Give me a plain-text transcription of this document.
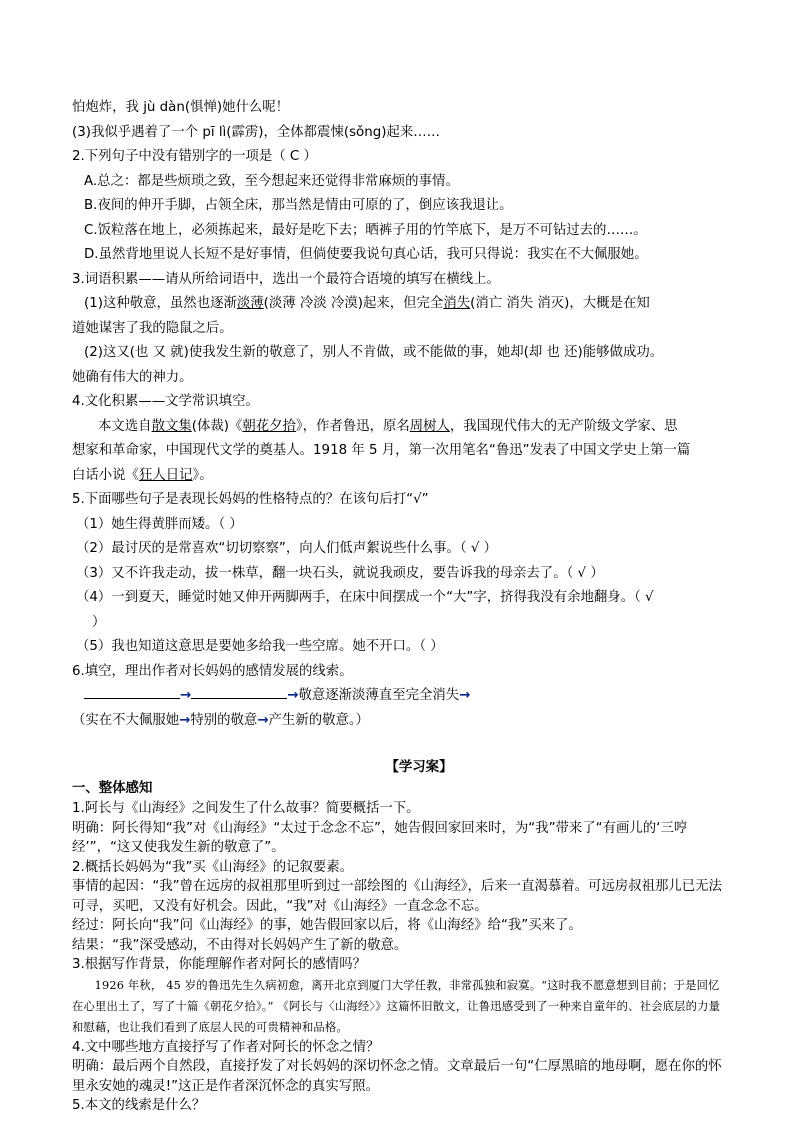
怕炮炸，我 jù dàn(惧惮)她什么呢！
(3)我似乎遇着了一个 pī lì(霹雳)，全体都震悚(sǒng)起来……
2.下列句子中没有错别字的一项是（ C ）
A.总之：都是些烦琐之致，至今想起来还觉得非常麻烦的事情。
B.夜间的伸开手脚，占领全床，那当然是情由可原的了，倒应该我退让。
C.饭粒落在地上，必须拣起来，最好是吃下去；晒裤子用的竹竿底下，是万不可钻过去的……。
D.虽然背地里说人长短不是好事情，但倘使要我说句真心话，我可只得说：我实在不大佩服她。
3.词语积累——请从所给词语中，选出一个最符合语境的填写在横线上。
(1)这种敬意，虽然也逐渐淡薄(淡薄 冷淡 冷漠)起来，但完全消失(消亡 消失 消灭)，大概是在知
道她谋害了我的隐鼠之后。
(2)这又(也 又 就)使我发生新的敬意了，别人不肯做，或不能做的事，她却(却 也 还)能够做成功。
她确有伟大的神力。
4.文化积累——文学常识填空。
本文选自散文集(体裁)《朝花夕拾》，作者鲁迅，原名周树人，我国现代伟大的无产阶级文学家、思
想家和革命家，中国现代文学的奠基人。1918 年 5 月，第一次用笔名“鲁迅”发表了中国文学史上第一篇
白话小说《狂人日记》。
5.下面哪些句子是表现长妈妈的性格特点的？在该句后打“√”
（1）她生得黄胖而矮。（ ）
（2）最讨厌的是常喜欢“切切察察”，向人们低声絮说些什么事。（ √ ）
（3）又不许我走动，拔一株草，翻一块石头，就说我顽皮，要告诉我的母亲去了。（ √ ）
（4）一到夏天，睡觉时她又伸开两脚两手，在床中间摆成一个“大”字，挤得我没有余地翻身。（ √
）
（5）我也知道这意思是要她多给我一些空席。她不开口。（ ）
6.填空，理出作者对长妈妈的感情发展的线索。
→	→敬意逐渐淡薄直至完全消失→
（实在不大佩服她→特别的敬意→产生新的敬意。）
【学习案】
一、整体感知
1.阿长与《山海经》之间发生了什么故事？简要概括一下。
明确：阿长得知“我”对《山海经》“太过于念念不忘”，她告假回家回来时，为“我”带来了“有画儿的‘三哼经’”，“这又使我发生新的敬意了”。
2.概括长妈妈为“我”买《山海经》的记叙要素。
事情的起因：“我”曾在远房的叔祖那里听到过一部绘图的《山海经》，后来一直渴慕着。可远房叔祖那儿已无法可寻，买吧，又没有好机会。因此，“我”对《山海经》一直念念不忘。
经过：阿长向“我”问《山海经》的事，她告假回家以后，将《山海经》给“我”买来了。
结果：“我”深受感动，不由得对长妈妈产生了新的敬意。
3.根据写作背景，你能理解作者对阿长的感情吗？
1926 年秋， 45 岁的鲁迅先生久病初愈，离开北京到厦门大学任教，非常孤独和寂寞。“这时我不愿意想到目前；于是回忆在心里出土了，写了十篇《朝花夕拾》。” 《阿长与〈山海经〉》这篇怀旧散文，让鲁迅感受到了一种来自童年的、社会底层的力量和慰藉，也让我们看到了底层人民的可贵精神和品格。
4.文中哪些地方直接抒写了作者对阿长的怀念之情？
明确：最后两个自然段，直接抒发了对长妈妈的深切怀念之情。文章最后一句“仁厚黑暗的地母啊，愿在你的怀里永安她的魂灵!”这正是作者深沉怀念的真实写照。
5.本文的线索是什么？
